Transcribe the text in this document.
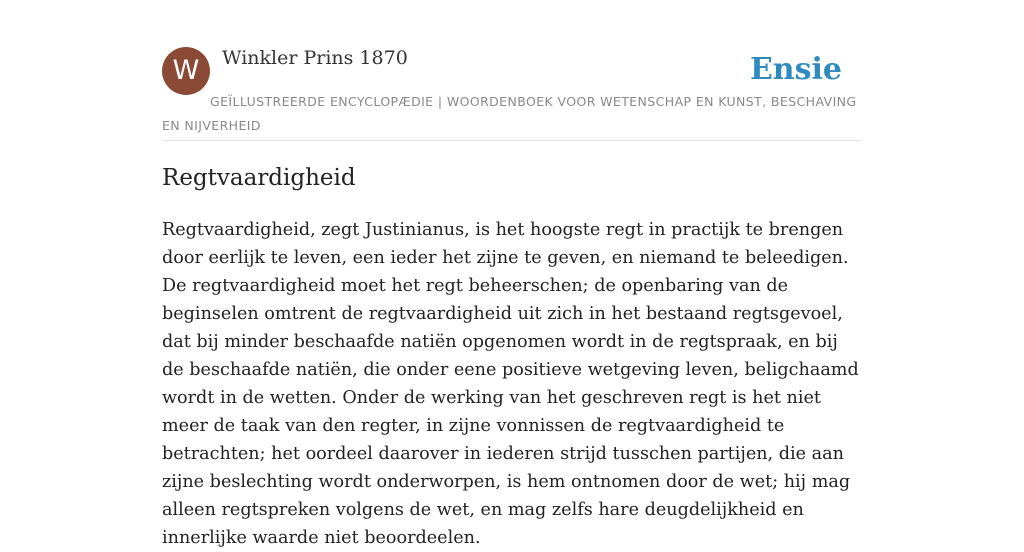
W	Winkler Prins 1870
GEÏLLUSTREERDE ENCYCLOPÆDIE | WOORDENBOEK VOOR WETENSCHAP EN KUNST, BESCHAVING EN NIJVERHEID
Ensie
Regtvaardigheid

Regtvaardigheid, zegt Justinianus, is het hoogste regt in practijk te brengen door eerlijk te leven, een ieder het zijne te geven, en niemand te beleedigen. De regtvaardigheid moet het regt beheerschen; de openbaring van de beginselen omtrent de regtvaardigheid uit zich in het bestaand regtsgevoel, dat bij minder beschaafde natiën opgenomen wordt in de regtspraak, en bij de beschaafde natiën, die onder eene positieve wetgeving leven, beligchaamd wordt in de wetten. Onder de werking van het geschreven regt is het niet meer de taak van den regter, in zijne vonnissen de regtvaardigheid te betrachten; het oordeel daarover in iederen strijd tusschen partijen, die aan zijne beslechting wordt onderworpen, is hem ontnomen door de wet; hij mag alleen regtspreken volgens de wet, en mag zelfs hare deugdelijkheid en innerlijke waarde niet beoordeelen.
